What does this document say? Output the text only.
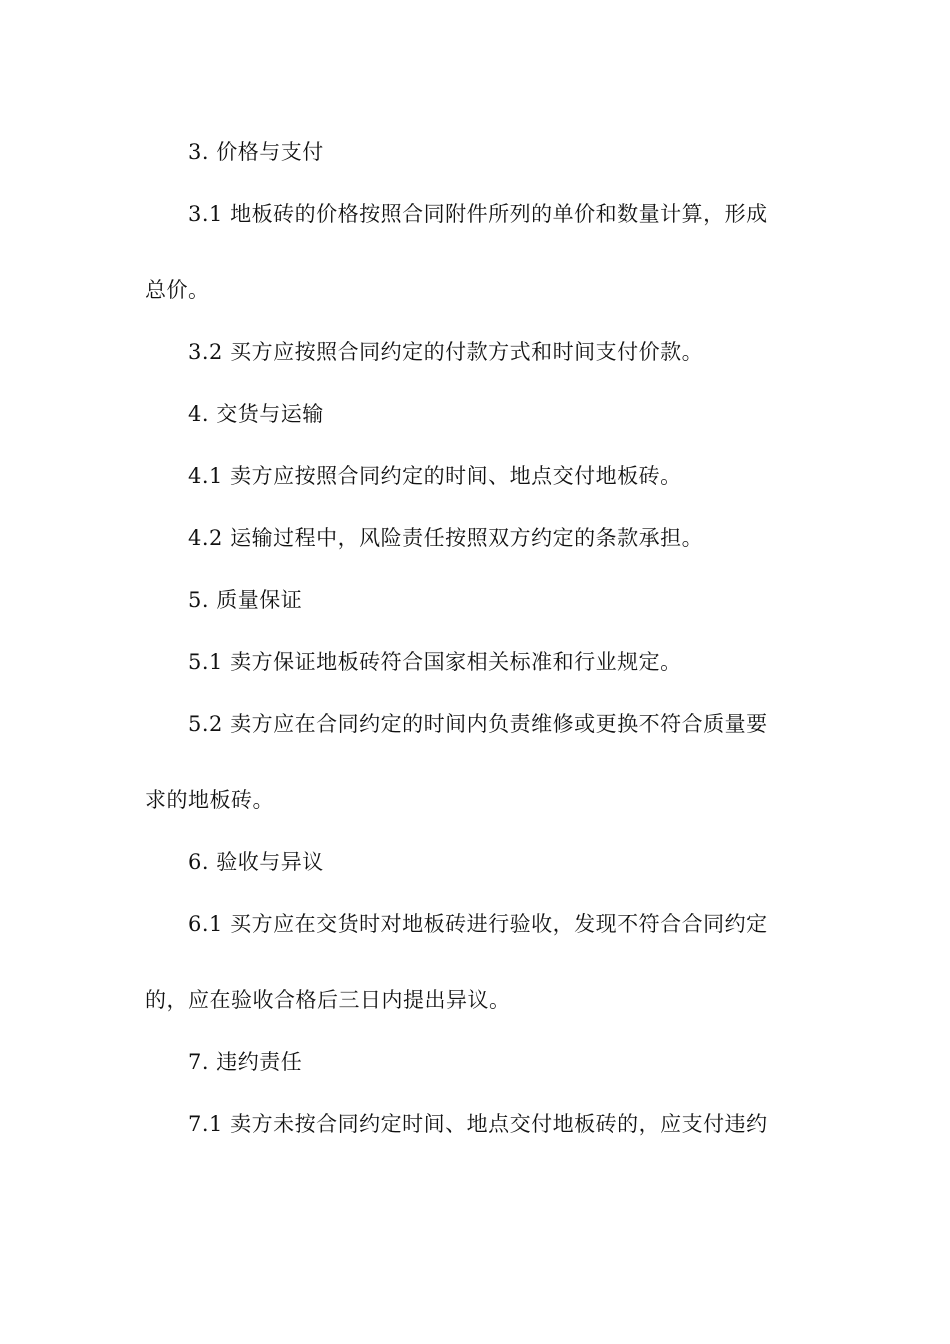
3. 价格与支付
3.1 地板砖的价格按照合同附件所列的单价和数量计算，形成
总价。
3.2 买方应按照合同约定的付款方式和时间支付价款。
4. 交货与运输
4.1 卖方应按照合同约定的时间、地点交付地板砖。
4.2 运输过程中，风险责任按照双方约定的条款承担。
5. 质量保证
5.1 卖方保证地板砖符合国家相关标准和行业规定。
5.2 卖方应在合同约定的时间内负责维修或更换不符合质量要
求的地板砖。
6. 验收与异议
6.1 买方应在交货时对地板砖进行验收，发现不符合合同约定
的，应在验收合格后三日内提出异议。
7. 违约责任
7.1 卖方未按合同约定时间、地点交付地板砖的，应支付违约
